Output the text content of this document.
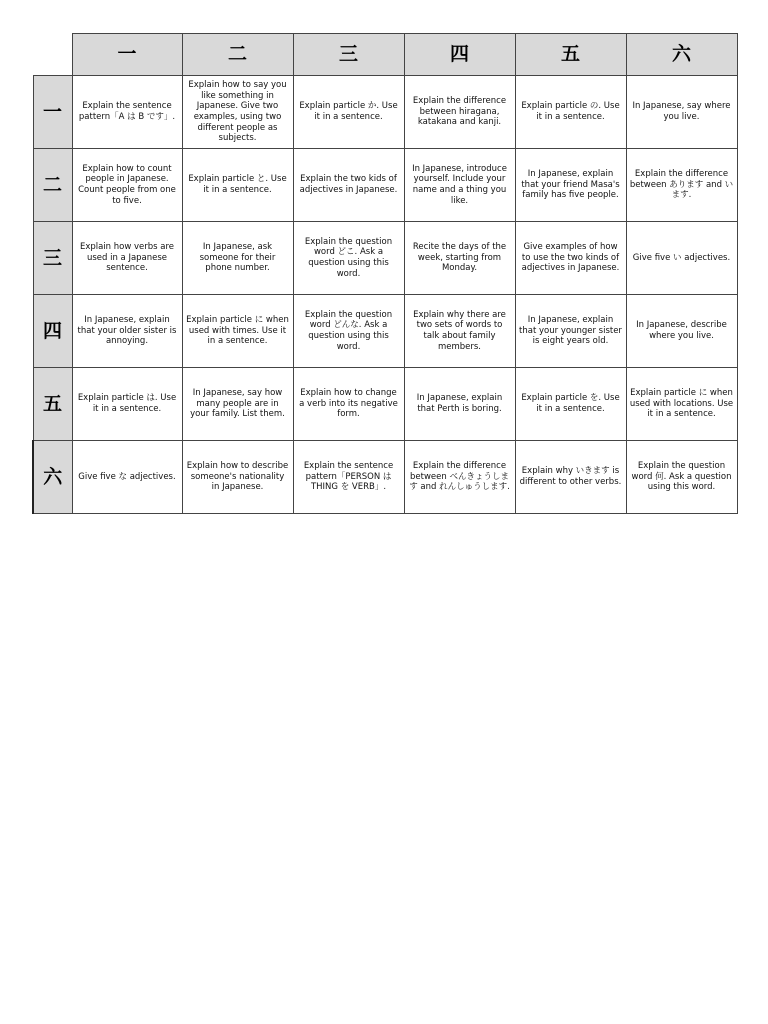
	一	二	三	四	五	六
一	Explain the sentence pattern「A は B です」.	Explain how to say you like something in Japanese. Give two examples, using two different people as subjects.	Explain particle か. Use it in a sentence.	Explain the difference between hiragana, katakana and kanji.	Explain particle の. Use it in a sentence.	In Japanese, say where you live.
二	Explain how to count people in Japanese. Count people from one to five.	Explain particle と. Use it in a sentence.	Explain the two kids of adjectives in Japanese.	In Japanese, introduce yourself. Include your name and a thing you like.	In Japanese, explain that your friend Masa's family has five people.	Explain the difference between あります and います.
三	Explain how verbs are used in a Japanese sentence.	In Japanese, ask someone for their phone number.	Explain the question word どこ. Ask a question using this word.	Recite the days of the week, starting from Monday.	Give examples of how to use the two kinds of adjectives in Japanese.	Give five い adjectives.
四	In Japanese, explain that your older sister is annoying.	Explain particle に when used with times. Use it in a sentence.	Explain the question word どんな. Ask a question using this word.	Explain why there are two sets of words to talk about family members.	In Japanese, explain that your younger sister is eight years old.	In Japanese, describe where you live.
五	Explain particle は. Use it in a sentence.	In Japanese, say how many people are in your family. List them.	Explain how to change a verb into its negative form.	In Japanese, explain that Perth is boring.	Explain particle を. Use it in a sentence.	Explain particle に when used with locations. Use it in a sentence.
六	Give five な adjectives.	Explain how to describe someone's nationality in Japanese.	Explain the sentence pattern「PERSON は THING を VERB」.	Explain the difference between べんきょうします and れんしゅうします.	Explain why いきます is different to other verbs.	Explain the question word 何. Ask a question using this word.
